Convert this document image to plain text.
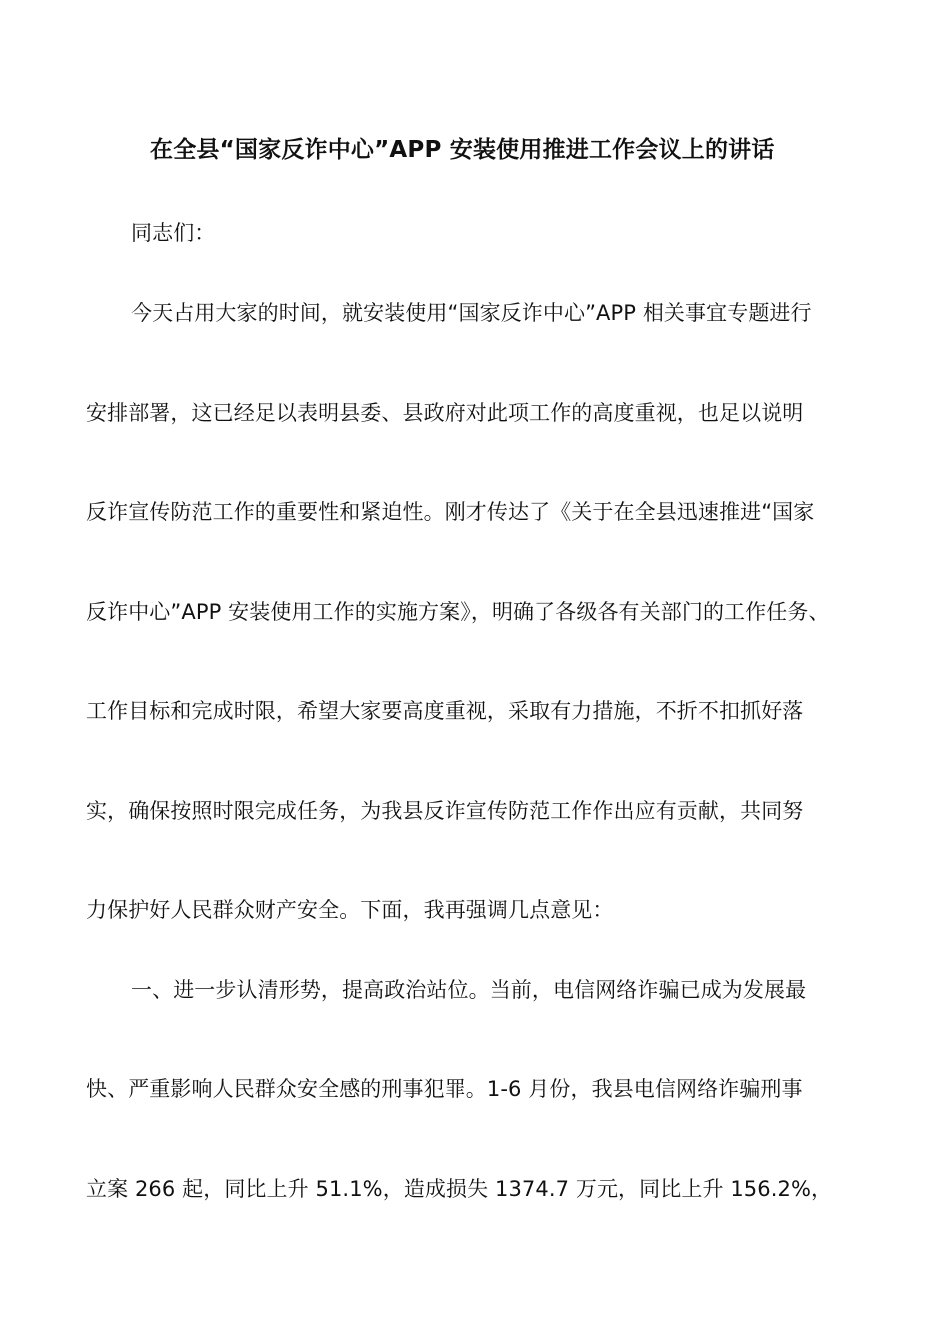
在全县“国家反诈中心”APP 安装使用推进工作会议上的讲话
同志们：
今天占用大家的时间，就安装使用“国家反诈中心”APP 相关事宜专题进行
安排部署，这已经足以表明县委、县政府对此项工作的高度重视，也足以说明
反诈宣传防范工作的重要性和紧迫性。刚才传达了《关于在全县迅速推进“国家
反诈中心”APP 安装使用工作的实施方案》，明确了各级各有关部门的工作任务、
工作目标和完成时限，希望大家要高度重视，采取有力措施，不折不扣抓好落
实，确保按照时限完成任务，为我县反诈宣传防范工作作出应有贡献，共同努
力保护好人民群众财产安全。下面，我再强调几点意见：
一、进一步认清形势，提高政治站位。当前，电信网络诈骗已成为发展最
快、严重影响人民群众安全感的刑事犯罪。1-6 月份，我县电信网络诈骗刑事
立案 266 起，同比上升 51.1%，造成损失 1374.7 万元，同比上升 156.2%，
